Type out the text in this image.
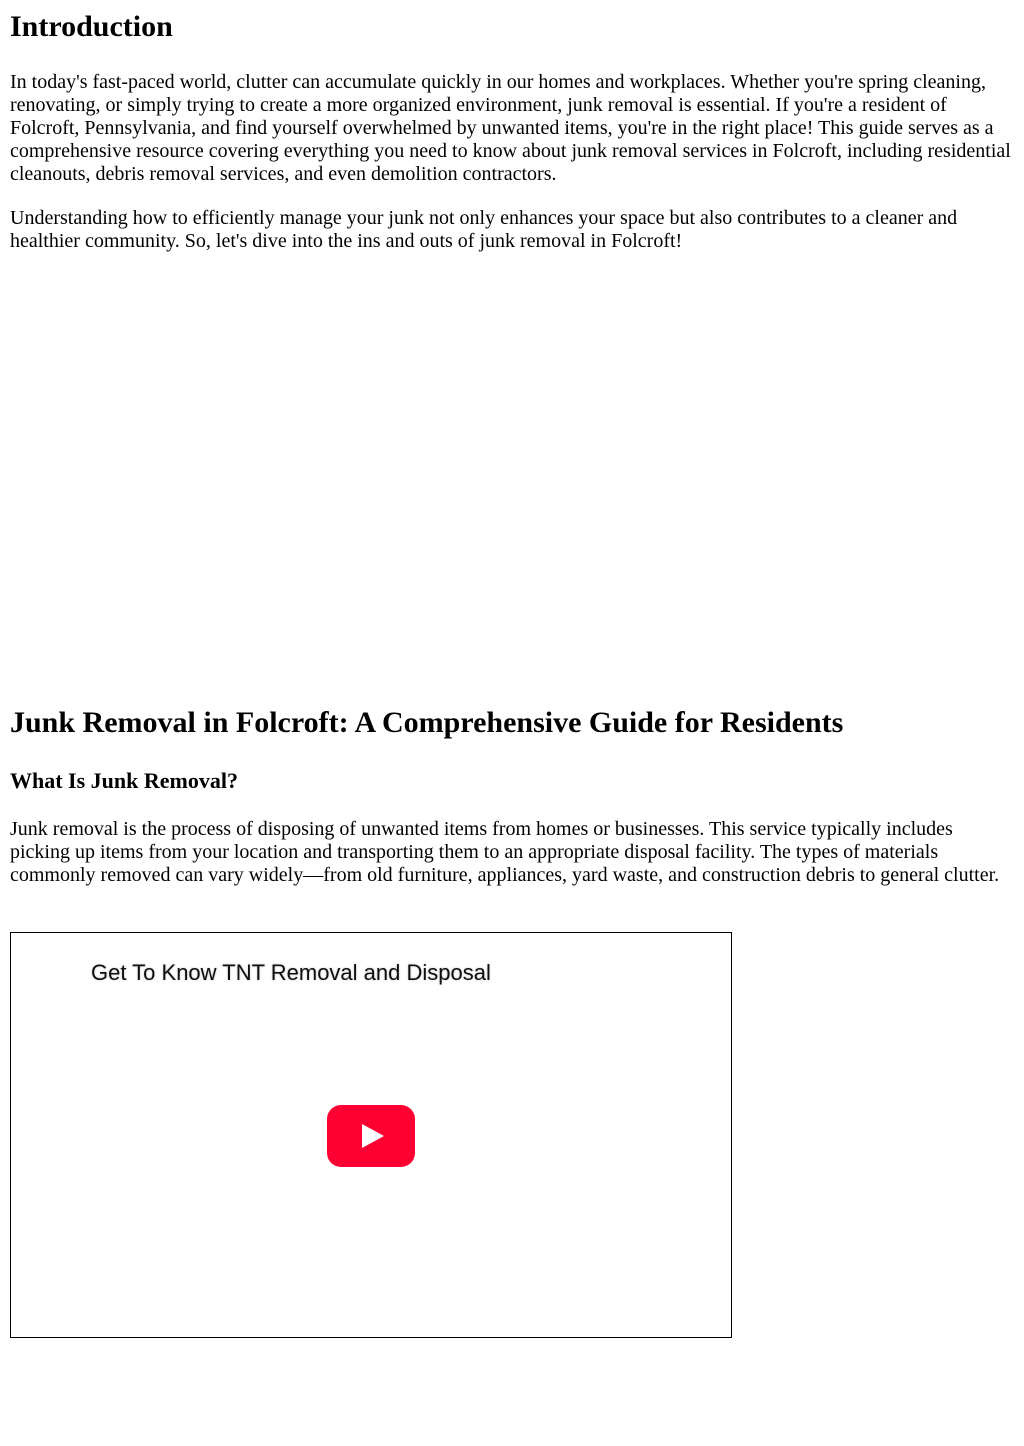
Introduction

In today's fast-paced world, clutter can accumulate quickly in our homes and workplaces. Whether you're spring cleaning, renovating, or simply trying to create a more organized environment, junk removal is essential. If you're a resident of Folcroft, Pennsylvania, and find yourself overwhelmed by unwanted items, you're in the right place! This guide serves as a comprehensive resource covering everything you need to know about junk removal services in Folcroft, including residential cleanouts, debris removal services, and even demolition contractors.

Understanding how to efficiently manage your junk not only enhances your space but also contributes to a cleaner and healthier community. So, let's dive into the ins and outs of junk removal in Folcroft!

Junk Removal in Folcroft: A Comprehensive Guide for Residents
What Is Junk Removal?

Junk removal is the process of disposing of unwanted items from homes or businesses. This service typically includes picking up items from your location and transporting them to an appropriate disposal facility. The types of materials commonly removed can vary widely—from old furniture, appliances, yard waste, and construction debris to general clutter.

Get To Know TNT Removal and Disposal
